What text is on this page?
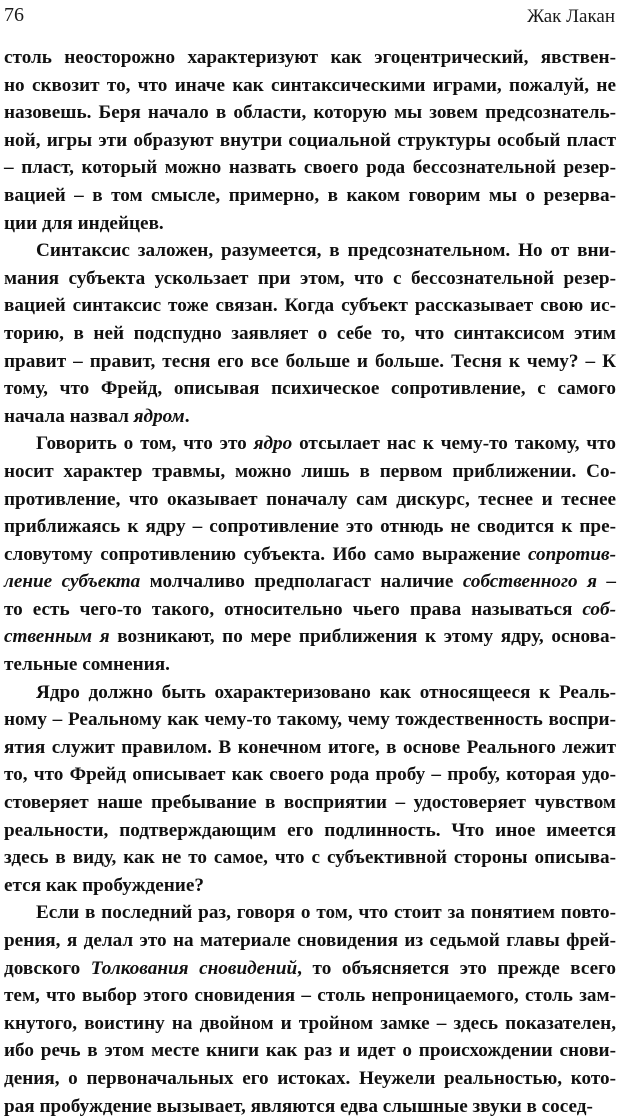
76	Жак Лакан
столь неосторожно характеризуют как эгоцентрический, явствен-
но сквозит то, что иначе как синтаксическими играми, пожалуй, не
назовешь. Беря начало в области, которую мы зовем предсознатель-
ной, игры эти образуют внутри социальной структуры особый пласт
– пласт, который можно назвать своего рода бессознательной резер-
вацией – в том смысле, примерно, в каком говорим мы о резерва-
ции для индейцев.
Синтаксис заложен, разумеется, в предсознательном. Но от вни-
мания субъекта ускользает при этом, что с бессознательной резер-
вацией синтаксис тоже связан. Когда субъект рассказывает свою ис-
торию, в ней подспудно заявляет о себе то, что синтаксисом этим
правит – правит, тесня его все больше и больше. Тесня к чему? – К
тому, что Фрейд, описывая психическое сопротивление, с самого
начала назвал ядром.
Говорить о том, что это ядро отсылает нас к чему-то такому, что
носит характер травмы, можно лишь в первом приближении. Со-
противление, что оказывает поначалу сам дискурс, теснее и теснее
приближаясь к ядру – сопротивление это отнюдь не сводится к пре-
словутому сопротивлению субъекта. Ибо само выражение сопротив-
ление субъекта молчаливо предполагаст наличие собственного я –
то есть чего-то такого, относительно чьего права называться соб-
ственным я возникают, по мере приближения к этому ядру, основа-
тельные сомнения.
Ядро должно быть охарактеризовано как относящееся к Реаль-
ному – Реальному как чему-то такому, чему тождественность воспри-
ятия служит правилом. В конечном итоге, в основе Реального лежит
то, что Фрейд описывает как своего рода пробу – пробу, которая удо-
стоверяет наше пребывание в восприятии – удостоверяет чувством
реальности, подтверждающим его подлинность. Что иное имеется
здесь в виду, как не то самое, что с субъективной стороны описыва-
ется как пробуждение?
Если в последний раз, говоря о том, что стоит за понятием повто-
рения, я делал это на материале сновидения из седьмой главы фрей-
довского Толкования сновидений, то объясняется это прежде всего
тем, что выбор этого сновидения – столь непроницаемого, столь зам-
кнутого, воистину на двойном и тройном замке – здесь показателен,
ибо речь в этом месте книги как раз и идет о происхождении снови-
дения, о первоначальных его истоках. Неужели реальностью, кото-
рая пробуждение вызывает, являются едва слышные звуки в сосед-
